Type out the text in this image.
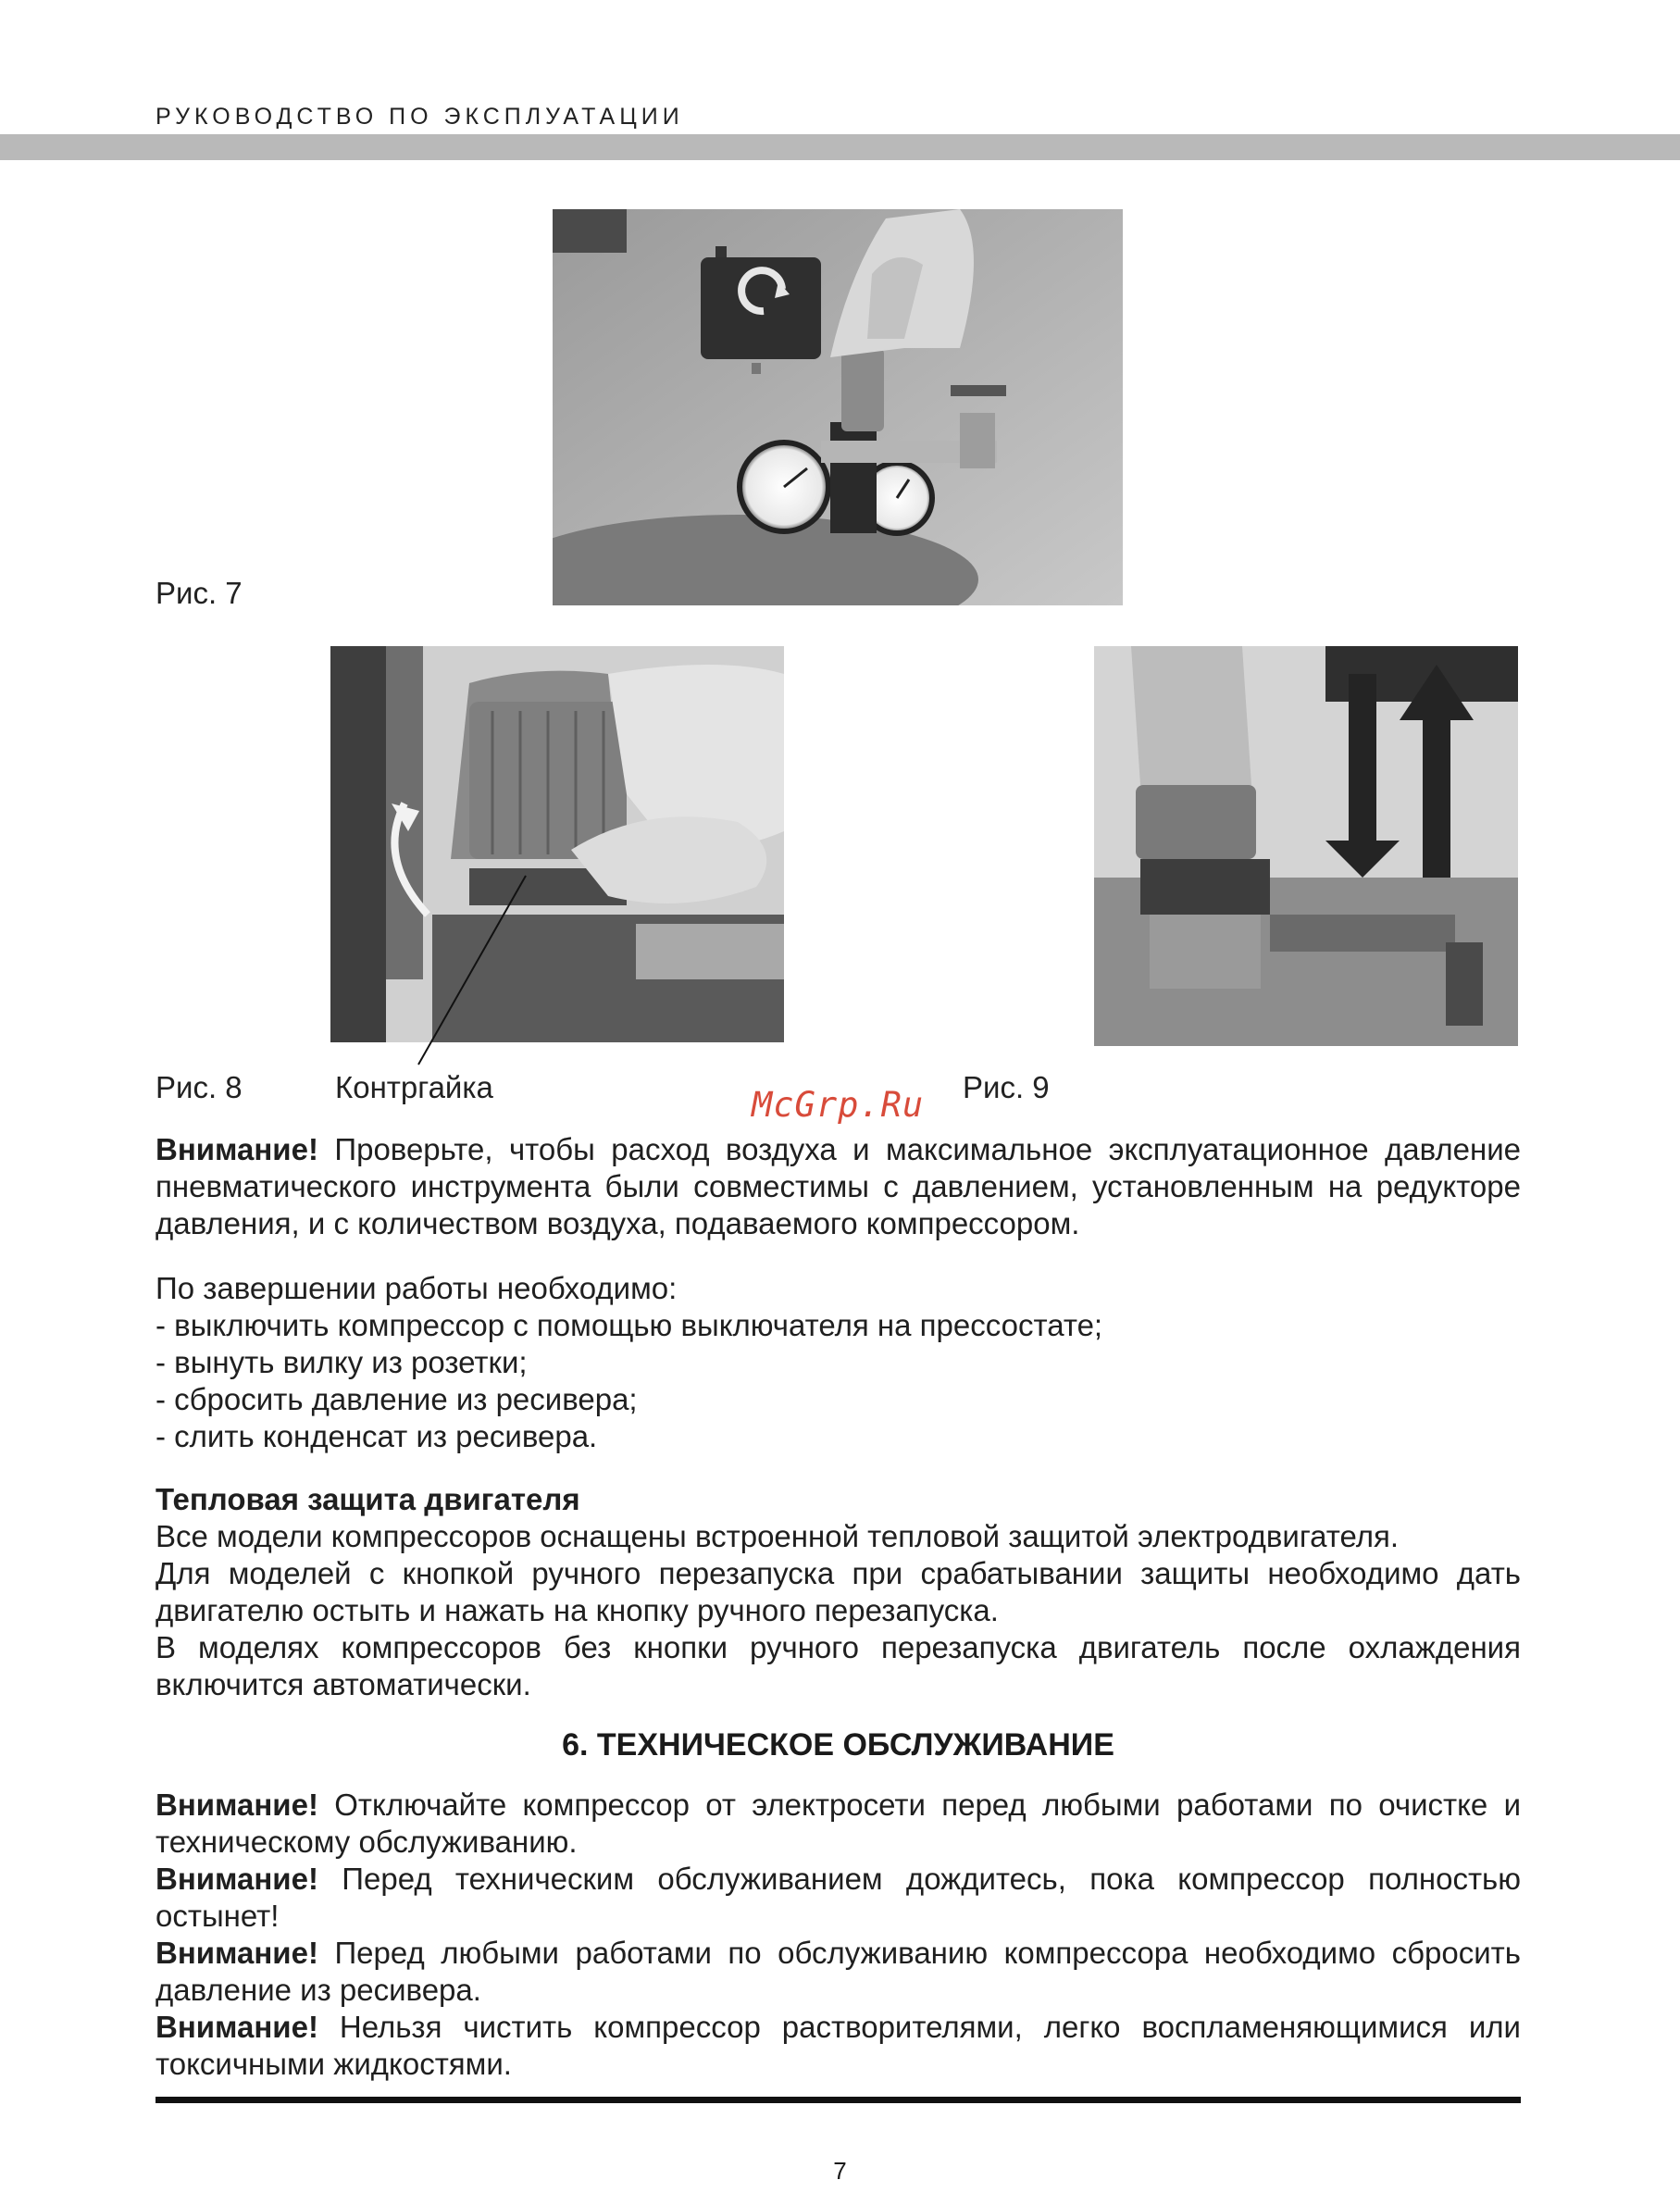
РУКОВОДСТВО ПО ЭКСПЛУАТАЦИИ
Рис. 7
Рис. 8	Контргайка	Рис. 9
McGrp.Ru
Внимание! Проверьте, чтобы расход воздуха и максимальное эксплуатационное давление пневматического инструмента были совместимы с давлением, установленным на редукторе давления, и с количеством воздуха, подаваемого компрессором.

По завершении работы необходимо:

- выключить компрессор с помощью выключателя на прессостате;

- вынуть вилку из розетки;

- сбросить давление из ресивера;

- слить конденсат из ресивера.

Тепловая защита двигателя

Все модели компрессоров оснащены встроенной тепловой защитой электродвигателя.

Для моделей с кнопкой ручного перезапуска при срабатывании защиты необходимо дать двигателю остыть и нажать на кнопку ручного перезапуска.

В моделях компрессоров без кнопки ручного перезапуска двигатель после охлаждения включится автоматически.

6. ТЕХНИЧЕСКОЕ ОБСЛУЖИВАНИЕ

Внимание! Отключайте компрессор от электросети перед любыми работами по очистке и техническому обслуживанию.

Внимание! Перед техническим обслуживанием дождитесь, пока компрессор полностью остынет!

Внимание! Перед любыми работами по обслуживанию компрессора необходимо сбросить давление из ресивера.

Внимание! Нельзя чистить компрессор растворителями, легко воспламеняющимися или токсичными жидкостями.

7
